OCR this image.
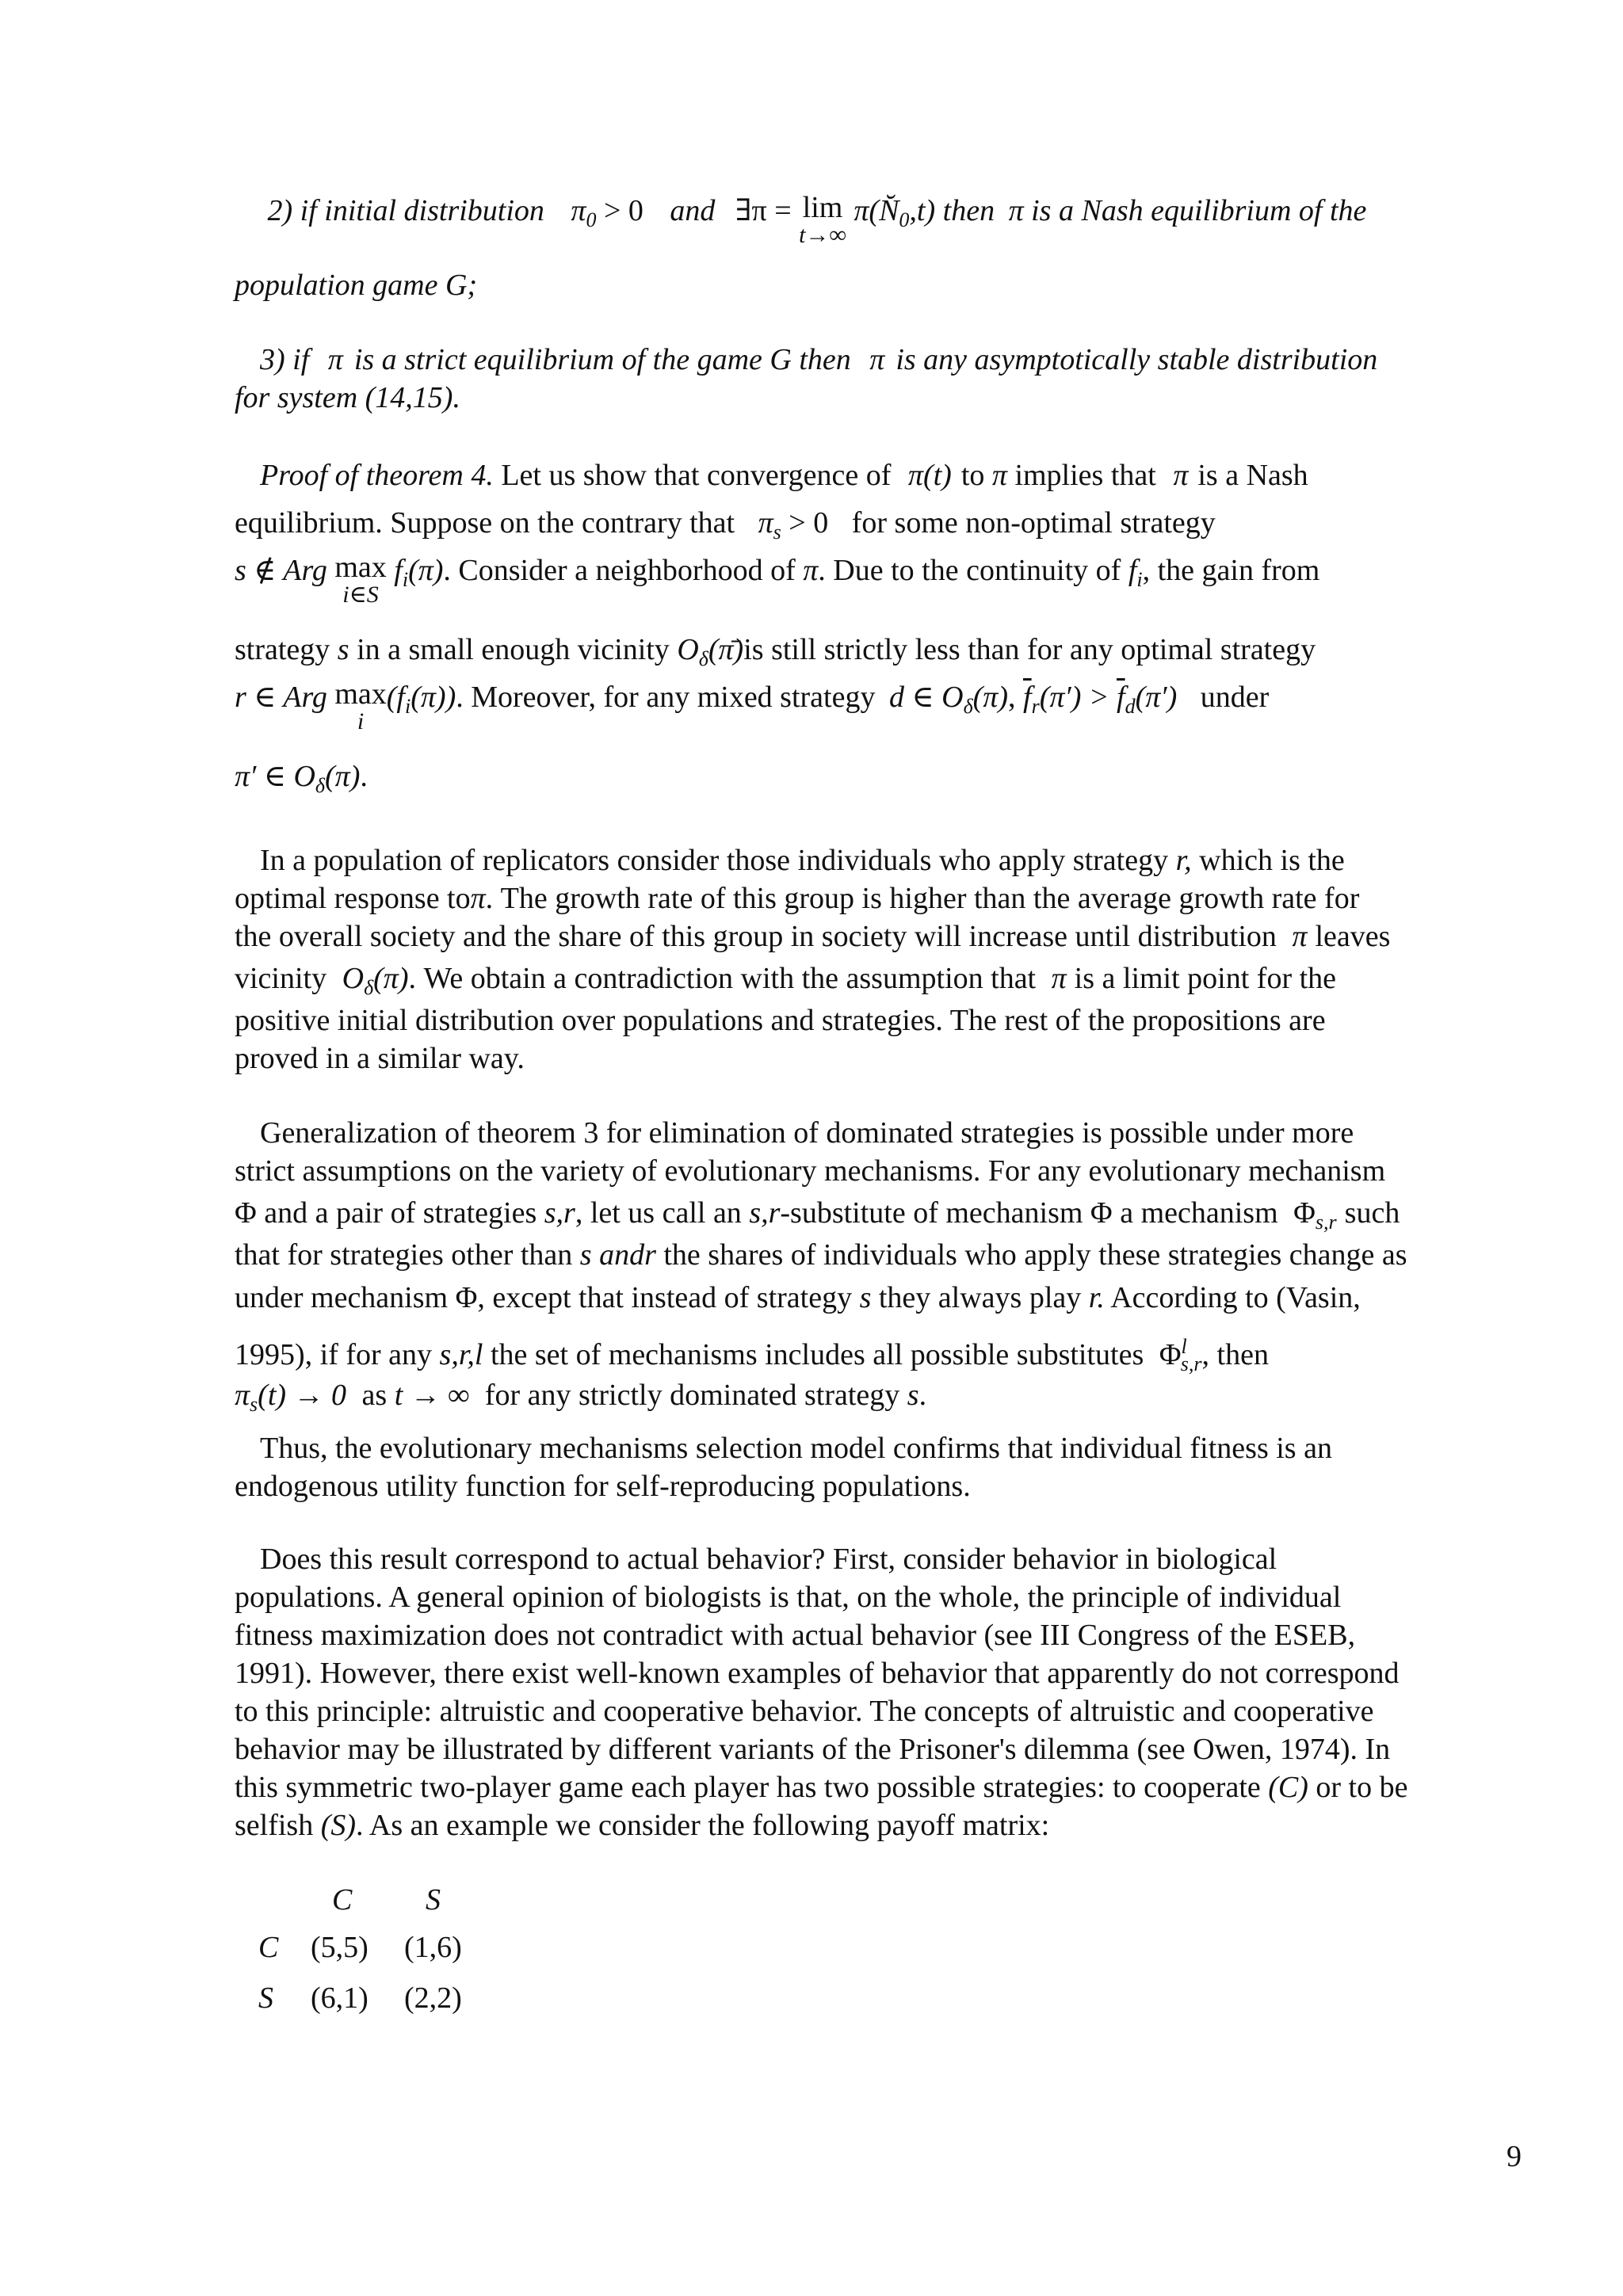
2) if initial distribution $\pi_0 > 0$ and ∃π = lim
t→∞
$\pi(N̆_0,t)$ then π is a Nash equilibrium of the
population game G;
3) if π is a strict equilibrium of the game G then π is any asymptotically stable distribution
for system (14,15).
Proof of theorem 4. Let us show that convergence of π(t) to π implies that π is a Nash
equilibrium. Suppose on the contrary that $\pi_s > 0$ for some non-optimal strategy
s ∉ Arg max
i∈S
$f_i(\pi)$. Consider a neighborhood of π. Due to the continuity of $f_i$, the gain from
strategy s in a small enough vicinity $O_\delta(\pī)is$ still strictly less than for any optimal strategy
r ∈ Arg max
i
$(f_i(\pi))$. Moreover, for any mixed strategy d ∈ $O_\delta(\pi)$, $\overline{f}_r(\pi') > \overline{f}_d(\pi')$ under
π′ ∈ $O_\delta(\pi)$.
In a population of replicators consider those individuals who apply strategy r, which is the
optimal response toπ. The growth rate of this group is higher than the average growth rate for
the overall society and the share of this group in society will increase until distribution π leaves
vicinity $O_\delta(\pi)$. We obtain a contradiction with the assumption that π is a limit point for the
positive initial distribution over populations and strategies. The rest of the propositions are
proved in a similar way.
Generalization of theorem 3 for elimination of dominated strategies is possible under more
strict assumptions on the variety of evolutionary mechanisms. For any evolutionary mechanism
Φ and a pair of strategies s,r, let us call an s,r-substitute of mechanism Φ a mechanism $\Phi_{s,r}$ such
that for strategies other than s andr the shares of individuals who apply these strategies change as
under mechanism Φ, except that instead of strategy s they always play r. According to (Vasin,
1995), if for any s,r,l the set of mechanisms includes all possible substitutes $\Phi^l_{s,r}$, then
$\pi_s(t) \to 0$ as t → ∞ for any strictly dominated strategy s.
Thus, the evolutionary mechanisms selection model confirms that individual fitness is an
endogenous utility function for self-reproducing populations.
Does this result correspond to actual behavior? First, consider behavior in biological
populations. A general opinion of biologists is that, on the whole, the principle of individual
fitness maximization does not contradict with actual behavior (see III Congress of the ESEB,
1991). However, there exist well-known examples of behavior that apparently do not correspond
to this principle: altruistic and cooperative behavior. The concepts of altruistic and cooperative
behavior may be illustrated by different variants of the Prisoner's dilemma (see Owen, 1974). In
this symmetric two-player game each player has two possible strategies: to cooperate (C) or to be
selfish (S). As an example we consider the following payoff matrix:
C S
C (5,5) (1,6)
S (6,1) (2,2)
9
